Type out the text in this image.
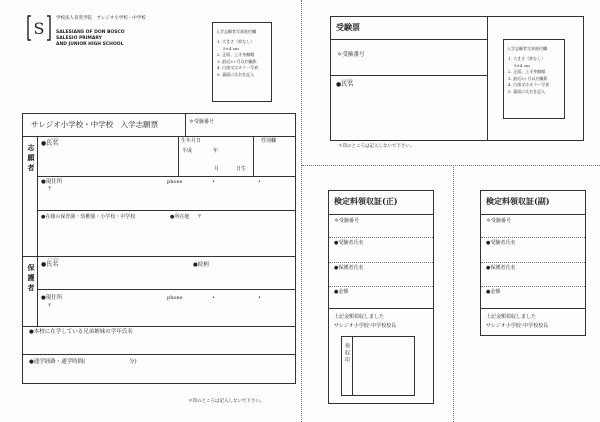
S
学校法人育英学院　サレジオ小学校・中学校
SALESIANS OF DON BOSCO
SALESIO PRIMARY
AND JUNIOR HIGH SCHOOL
入学志願者写真貼付欄
1. 大きさ（枠なし）
5×4 cm
2. 正面、上半身無帽
3. 最近3ヶ月以内撮影
4. 白黒又はカラー写真
5. 裏面に氏名を記入
サレジオ小学校・中学校　入学志願票	＊受験番号
志願者
ふりがな
●氏名	生年月日
平成	年
月	日生
性別欄
●現住所
〒
phone	•	•
●在籍の保育園・幼稚園・小学校・中学校	●所在地 〒
保護者
ふりがな
●氏名	●続柄
●現住所
〒
phone	•	•
●本校に在学している兄弟姉妹の学年氏名
●通学経路・通学時間(	分)
＊印のところは記入しないで下さい。
受験票
＊受験番号
ふりがな
●氏名
入学志願者写真貼付欄
1. 大きさ（枠なし）
5×4 cm
2. 正面、上半身無帽
3. 最近3ヶ月以内撮影
4. 白黒又はカラー写真
5. 裏面に氏名を記入
＊印のところは記入しないで下さい。
検定料領収証(正)
＊受験番号
●受験者氏名
●保護者氏名
●金額
上記金額領収しました
サレジオ小学校･中学校校長
領収印
検定料領収証(副)
＊受験番号
●受験者氏名
●保護者氏名
●金額
上記金額領収しました
サレジオ小学校･中学校校長
